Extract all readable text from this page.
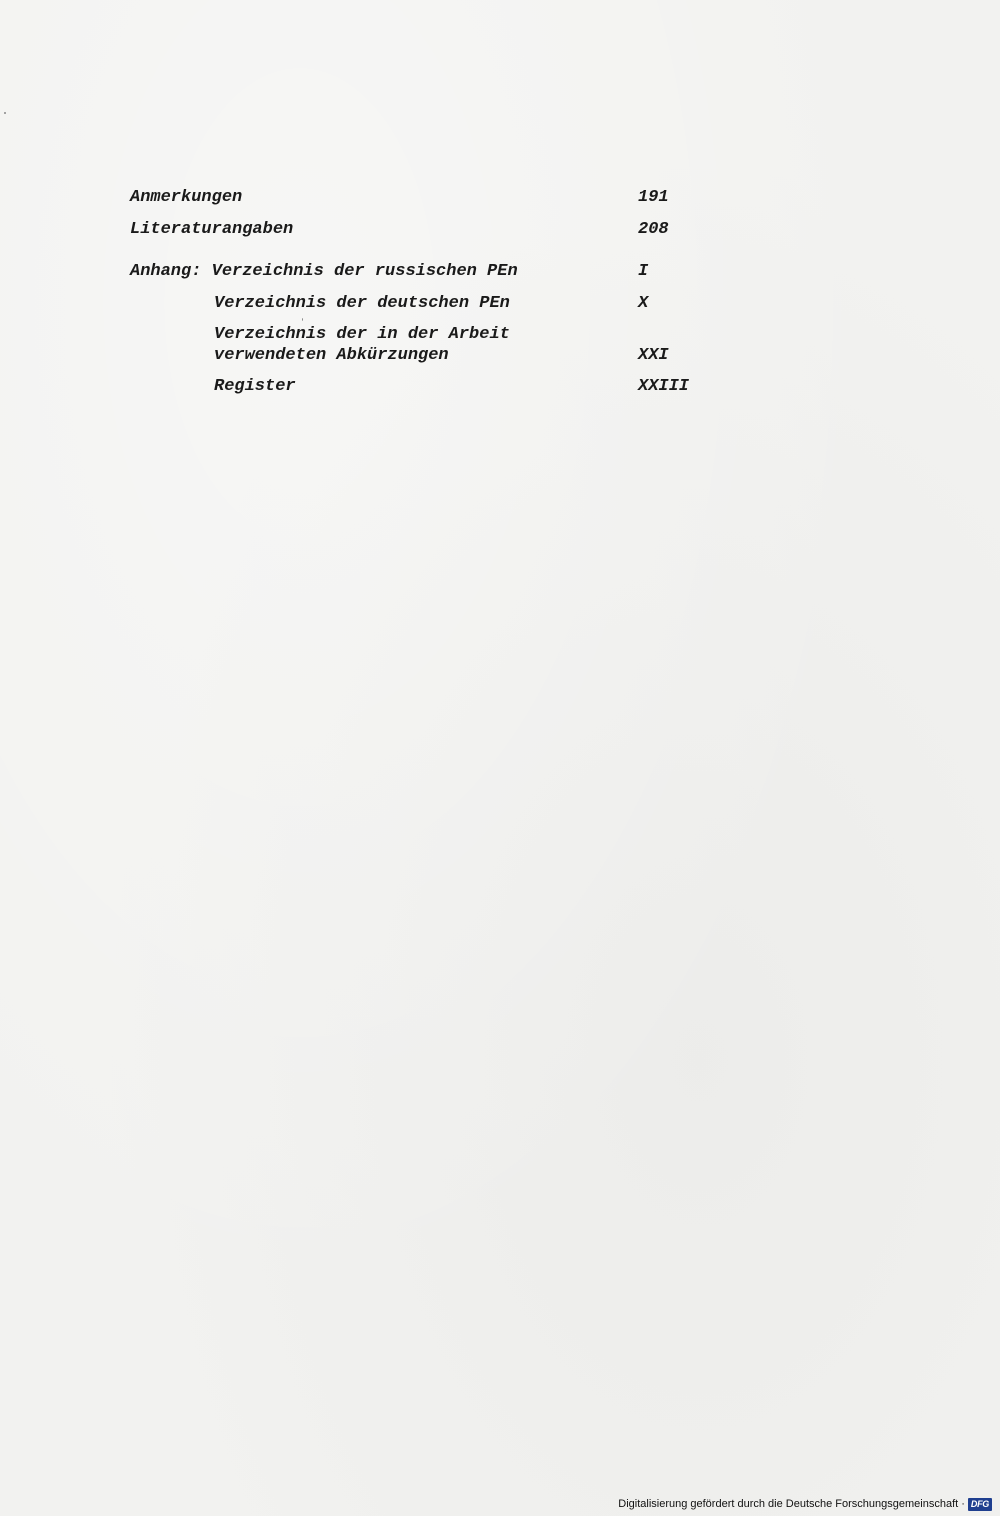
Anmerkungen	191
Literaturangaben	208
Anhang: Verzeichnis der russischen PEn	I
Verzeichnis der deutschen PEn	X
Verzeichnis der in der Arbeit
verwendeten Abkürzungen	XXI
Register	XXIII
Digitalisierung gefördert durch die Deutsche Forschungsgemeinschaft · DFG
